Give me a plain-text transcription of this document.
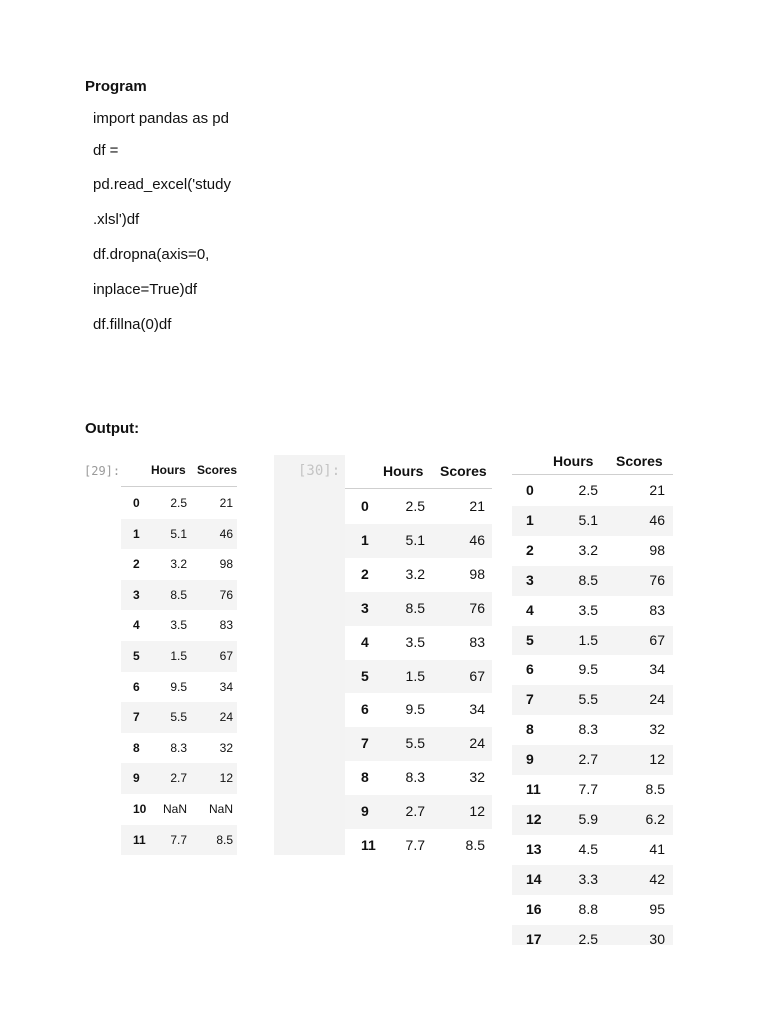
Program
import pandas as pd
df =
pd.read_excel('study
.xlsl')df
df.dropna(axis=0,
inplace=True)df
df.fillna(0)df
Output:
[29]:	Hours Scores
0	2.5	21
1	5.1	46
2	3.2	98
3	8.5	76
4	3.5	83
5	1.5	67
6	9.5	34
7	5.5	24
8	8.3	32
9	2.7	12
10 NaN NaN
11 7.7 8.5
[30]:	Hours Scores
0	2.5	21
1	5.1	46
2	3.2	98
3	8.5	76
4	3.5	83
5	1.5	67
6	9.5	34
7	5.5	24
8	8.3	32
9	2.7	12
11 7.7	8.5
Hours Scores
0	2.5	21
1	5.1	46
2	3.2	98
3	8.5	76
4	3.5	83
5	1.5	67
6	9.5	34
7	5.5	24
8	8.3	32
9	2.7	12
11	7.7	8.5
12	5.9	6.2
13	4.5	41
14	3.3	42
16	8.8	95
17	2.5	30
